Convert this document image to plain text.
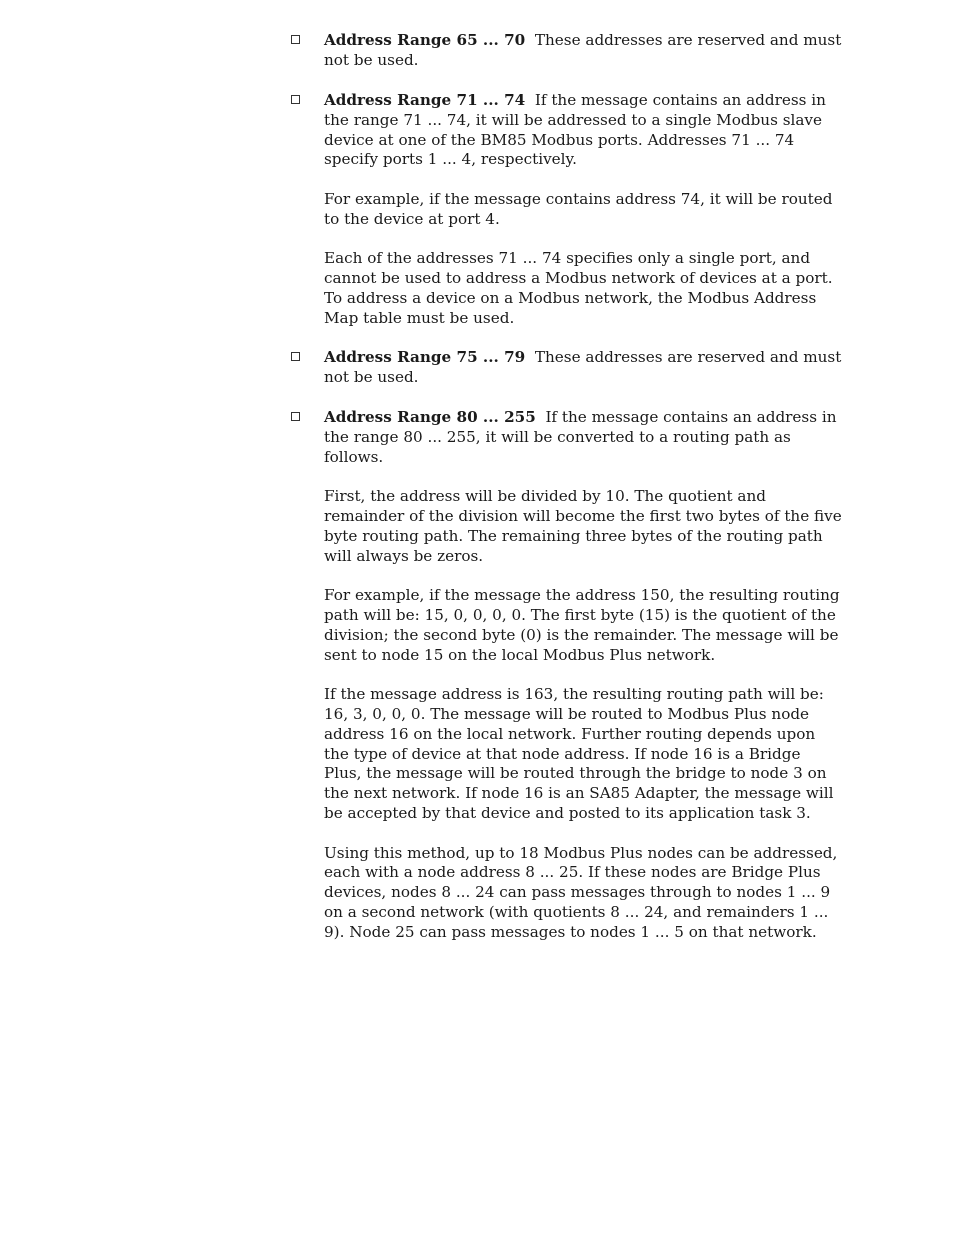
Address Range 65 ... 70 These addresses are reserved and must not be used.

Address Range 71 ... 74 If the message contains an address in the range 71 ... 74, it will be addressed to a single Modbus slave device at one of the BM85 Modbus ports. Addresses 71 ... 74 specify ports 1 ... 4, respectively.

For example, if the message contains address 74, it will be routed to the device at port 4.

Each of the addresses 71 ... 74 specifies only a single port, and cannot be used to address a Modbus network of devices at a port. To address a device on a Modbus network, the Modbus Address Map table must be used.

Address Range 75 ... 79 These addresses are reserved and must not be used.

Address Range 80 ... 255 If the message contains an address in the range 80 ... 255, it will be converted to a routing path as follows.

First, the address will be divided by 10. The quotient and remainder of the division will become the first two bytes of the five byte routing path. The remaining three bytes of the routing path will always be zeros.

For example, if the message the address 150, the resulting routing path will be: 15, 0, 0, 0, 0. The first byte (15) is the quotient of the division; the second byte (0) is the remainder. The message will be sent to node 15 on the local Modbus Plus network.

If the message address is 163, the resulting routing path will be: 16, 3, 0, 0, 0. The message will be routed to Modbus Plus node address 16 on the local network. Further routing depends upon the type of device at that node address. If node 16 is a Bridge Plus, the message will be routed through the bridge to node 3 on the next network. If node 16 is an SA85 Adapter, the message will be accepted by that device and posted to its application task 3.

Using this method, up to 18 Modbus Plus nodes can be addressed, each with a node address 8 ... 25. If these nodes are Bridge Plus devices, nodes 8 ... 24 can pass messages through to nodes 1 ... 9 on a second network (with quotients 8 ... 24, and remainders 1 ... 9). Node 25 can pass messages to nodes 1 ... 5 on that network.
